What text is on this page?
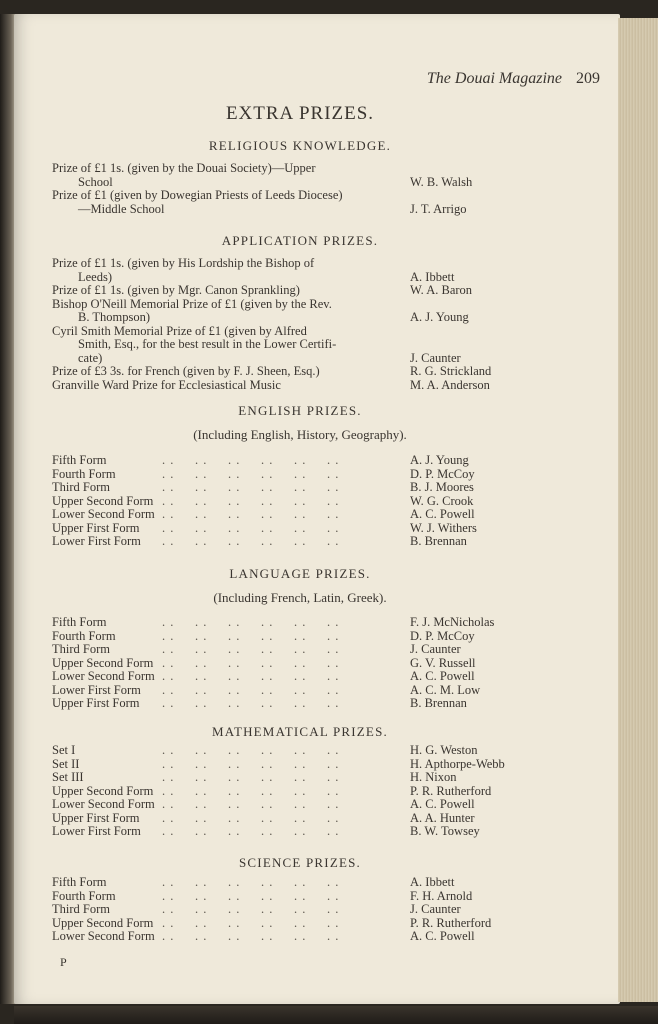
The Douai Magazine 209
EXTRA PRIZES.
RELIGIOUS KNOWLEDGE.
Prize of £1 1s. (given by the Douai Society)—Upper
School	W. B. Walsh
Prize of £1 (given by Dowegian Priests of Leeds Diocese)
—Middle School	J. T. Arrigo
APPLICATION PRIZES.
Prize of £1 1s. (given by His Lordship the Bishop of
Leeds)	A. Ibbett
Prize of £1 1s. (given by Mgr. Canon Sprankling)	W. A. Baron
Bishop O'Neill Memorial Prize of £1 (given by the Rev.
B. Thompson)	A. J. Young
Cyril Smith Memorial Prize of £1 (given by Alfred
Smith, Esq., for the best result in the Lower Certifi-
cate)	J. Caunter
Prize of £3 3s. for French (given by F. J. Sheen, Esq.)	R. G. Strickland
Granville Ward Prize for Ecclesiastical Music	M. A. Anderson
ENGLISH PRIZES.
(Including English, History, Geography).
Fifth Form	. .     . .     . .     . .     . .     . .	A. J. Young
Fourth Form	. .     . .     . .     . .     . .     . .	D. P. McCoy
Third Form	. .     . .     . .     . .     . .     . .	B. J. Moores
Upper Second Form . .     . .     . .     . .     . .     . .	W. G. Crook
Lower Second Form . .     . .     . .     . .     . .     . .	A. C. Powell
Upper First Form . .     . .     . .     . .     . .     . .	W. J. Withers
Lower First Form . .     . .     . .     . .     . .     . .	B. Brennan
LANGUAGE PRIZES.
(Including French, Latin, Greek).
Fifth Form	. .     . .     . .     . .     . .     . .	F. J. McNicholas
Fourth Form	. .     . .     . .     . .     . .     . .	D. P. McCoy
Third Form	. .     . .     . .     . .     . .     . .	J. Caunter
Upper Second Form . .     . .     . .     . .     . .     . .	G. V. Russell
Lower Second Form . .     . .     . .     . .     . .     . .	A. C. Powell
Lower First Form . .     . .     . .     . .     . .     . .	A. C. M. Low
Upper First Form . .     . .     . .     . .     . .     . .	B. Brennan
MATHEMATICAL PRIZES.
Set I	. .     . .     . .     . .     . .     . .	H. G. Weston
Set II	. .     . .     . .     . .     . .     . .	H. Apthorpe-Webb
Set III	. .     . .     . .     . .     . .     . .	H. Nixon
Upper Second Form . .     . .     . .     . .     . .     . .	P. R. Rutherford
Lower Second Form . .     . .     . .     . .     . .     . .	A. C. Powell
Upper First Form . .     . .     . .     . .     . .     . .	A. A. Hunter
Lower First Form . .     . .     . .     . .     . .     . .	B. W. Towsey
SCIENCE PRIZES.
Fifth Form	. .     . .     . .     . .     . .     . .	A. Ibbett
Fourth Form	. .     . .     . .     . .     . .     . .	F. H. Arnold
Third Form	. .     . .     . .     . .     . .     . .	J. Caunter
Upper Second Form . .     . .     . .     . .     . .     . .	P. R. Rutherford
Lower Second Form . .     . .     . .     . .     . .     . .	A. C. Powell
P
